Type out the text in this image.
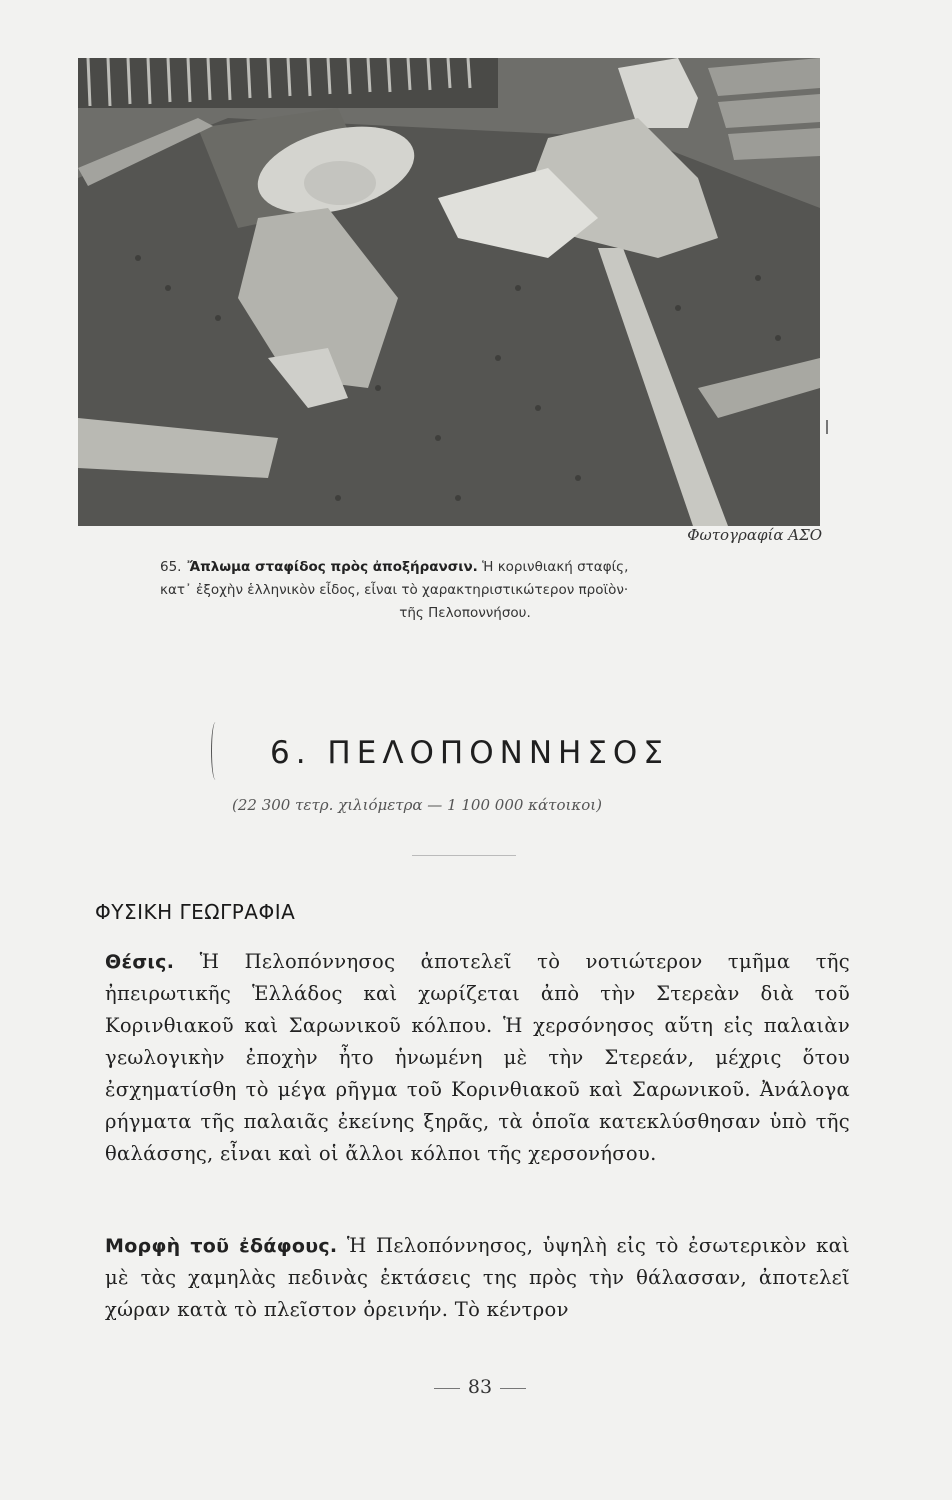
Φωτογραφία ΑΣΟ
65. Ἄπλωμα σταφίδος πρὸς ἀποξήρανσιν. Ἡ κορινθιακή σταφίς,
κατ᾽ ἐξοχὴν ἑλληνικὸν εἶδος, εἶναι τὸ χαρακτηριστικώτερον προϊὸν·
τῆς Πελοποννήσου.
6. ΠΕΛΟΠΟΝΝΗΣΟΣ
(22 300 τετρ. χιλιόμετρα — 1 100 000 κάτοικοι)
ΦΥΣΙΚΗ ΓΕΩΓΡΑΦΙΑ
Θέσις. Ἡ Πελοπόννησος ἀποτελεῖ τὸ νοτιώτερον τμῆμα τῆς ἠπειρωτικῆς Ἑλλάδος καὶ χωρίζεται ἀπὸ τὴν Στερεὰν διὰ τοῦ Κορινθιακοῦ καὶ Σαρωνικοῦ κόλπου. Ἡ χερσόνησος αὕτη εἰς παλαιὰν γεωλογικὴν ἐποχὴν ἦτο ἡνωμένη μὲ τὴν Στερεάν, μέχρις ὅτου ἐσχηματίσθη τὸ μέγα ρῆγμα τοῦ Κορινθιακοῦ καὶ Σαρωνικοῦ. Ἀνάλογα ρήγματα τῆς παλαιᾶς ἐκείνης ξηρᾶς, τὰ ὁποῖα κατεκλύσθησαν ὑπὸ τῆς θαλάσσης, εἶναι καὶ οἱ ἄλλοι κόλποι τῆς χερσονήσου.
Μορφὴ τοῦ ἐδάφους. Ἡ Πελοπόννησος, ὑψηλὴ εἰς τὸ ἐσωτερικὸν καὶ μὲ τὰς χαμηλὰς πεδινὰς ἐκτάσεις της πρὸς τὴν θάλασσαν, ἀποτελεῖ χώραν κατὰ τὸ πλεῖστον ὀρεινήν. Τὸ κέντρον
83
